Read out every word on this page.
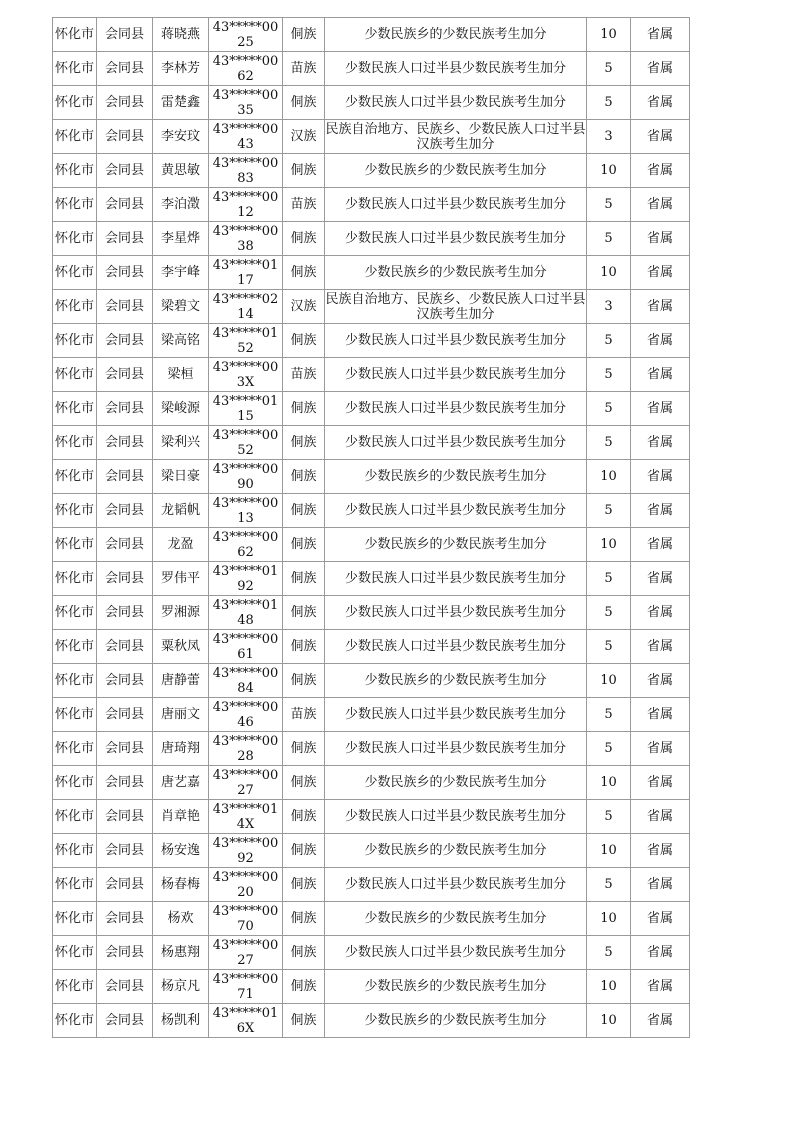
怀化市	会同县	蒋晓燕	43*****0025	侗族	少数民族乡的少数民族考生加分	10	省属
怀化市	会同县	李林芳	43*****0062	苗族	少数民族人口过半县少数民族考生加分	5	省属
怀化市	会同县	雷楚鑫	43*****0035	侗族	少数民族人口过半县少数民族考生加分	5	省属
怀化市	会同县	李安玟	43*****0043	汉族	民族自治地方、民族乡、少数民族人口过半县汉族考生加分	3	省属
怀化市	会同县	黄思敏	43*****0083	侗族	少数民族乡的少数民族考生加分	10	省属
怀化市	会同县	李泊澂	43*****0012	苗族	少数民族人口过半县少数民族考生加分	5	省属
怀化市	会同县	李星烨	43*****0038	侗族	少数民族人口过半县少数民族考生加分	5	省属
怀化市	会同县	李宇峰	43*****0117	侗族	少数民族乡的少数民族考生加分	10	省属
怀化市	会同县	梁碧文	43*****0214	汉族	民族自治地方、民族乡、少数民族人口过半县汉族考生加分	3	省属
怀化市	会同县	梁高铭	43*****0152	侗族	少数民族人口过半县少数民族考生加分	5	省属
怀化市	会同县	梁桓	43*****003X	苗族	少数民族人口过半县少数民族考生加分	5	省属
怀化市	会同县	梁峻源	43*****0115	侗族	少数民族人口过半县少数民族考生加分	5	省属
怀化市	会同县	梁利兴	43*****0052	侗族	少数民族人口过半县少数民族考生加分	5	省属
怀化市	会同县	梁日豪	43*****0090	侗族	少数民族乡的少数民族考生加分	10	省属
怀化市	会同县	龙韬帆	43*****0013	侗族	少数民族人口过半县少数民族考生加分	5	省属
怀化市	会同县	龙盈	43*****0062	侗族	少数民族乡的少数民族考生加分	10	省属
怀化市	会同县	罗伟平	43*****0192	侗族	少数民族人口过半县少数民族考生加分	5	省属
怀化市	会同县	罗湘源	43*****0148	侗族	少数民族人口过半县少数民族考生加分	5	省属
怀化市	会同县	粟秋凤	43*****0061	侗族	少数民族人口过半县少数民族考生加分	5	省属
怀化市	会同县	唐静蕾	43*****0084	侗族	少数民族乡的少数民族考生加分	10	省属
怀化市	会同县	唐丽文	43*****0046	苗族	少数民族人口过半县少数民族考生加分	5	省属
怀化市	会同县	唐琦翔	43*****0028	侗族	少数民族人口过半县少数民族考生加分	5	省属
怀化市	会同县	唐艺嘉	43*****0027	侗族	少数民族乡的少数民族考生加分	10	省属
怀化市	会同县	肖章艳	43*****014X	侗族	少数民族人口过半县少数民族考生加分	5	省属
怀化市	会同县	杨安逸	43*****0092	侗族	少数民族乡的少数民族考生加分	10	省属
怀化市	会同县	杨春梅	43*****0020	侗族	少数民族人口过半县少数民族考生加分	5	省属
怀化市	会同县	杨欢	43*****0070	侗族	少数民族乡的少数民族考生加分	10	省属
怀化市	会同县	杨惠翔	43*****0027	侗族	少数民族人口过半县少数民族考生加分	5	省属
怀化市	会同县	杨京凡	43*****0071	侗族	少数民族乡的少数民族考生加分	10	省属
怀化市	会同县	杨凯利	43*****016X	侗族	少数民族乡的少数民族考生加分	10	省属
